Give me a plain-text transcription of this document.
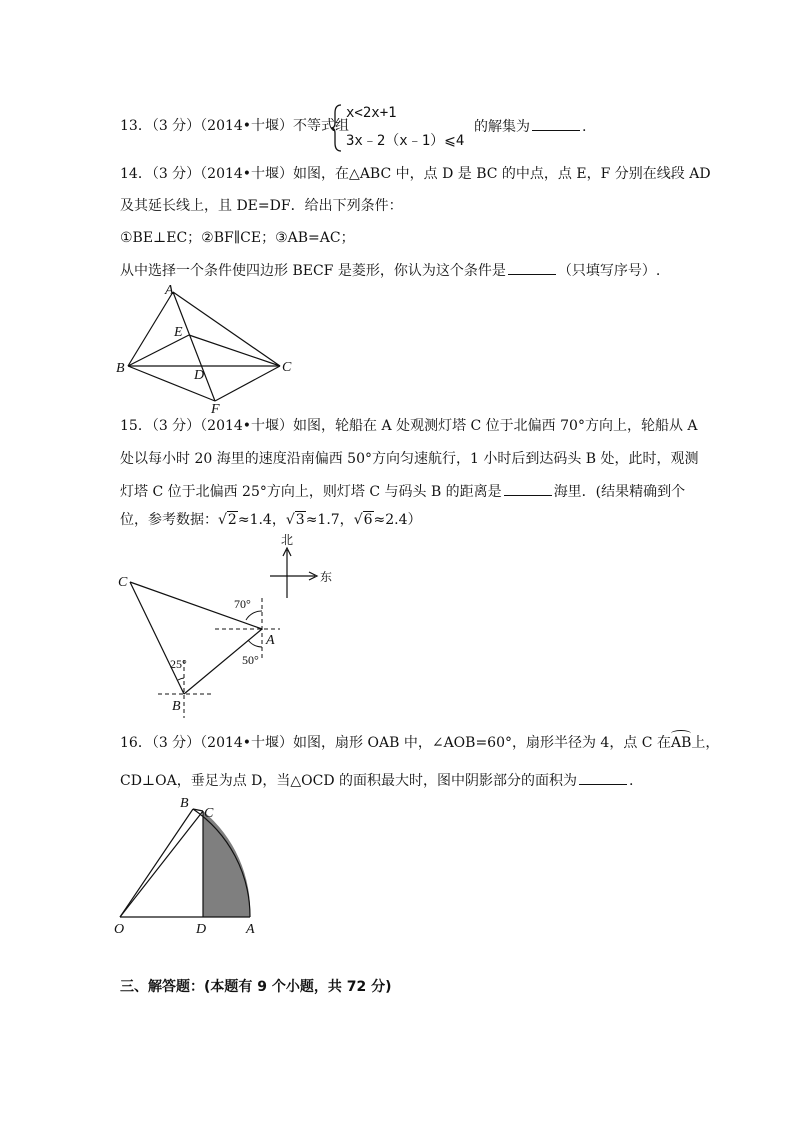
13．（3 分）（2014•十堰）不等式组
x<2x+1
3x﹣2（x﹣1）⩽4
的解集为	.
14．（3 分）（2014•十堰）如图，在△ABC 中，点 D 是 BC 的中点，点 E，F 分别在线段 AD
及其延长线上，且 DE=DF．给出下列条件：
①BE⊥EC；②BF∥CE；③AB=AC；
从中选择一个条件使四边形 BECF 是菱形，你认为这个条件是	（只填写序号）.
A
E
B	D
C
F
15．（3 分）（2014•十堰）如图，轮船在 A 处观测灯塔 C 位于北偏西 70°方向上，轮船从 A
处以每小时 20 海里的速度沿南偏西 50°方向匀速航行，1 小时后到达码头 B 处，此时，观测
灯塔 C 位于北偏西 25°方向上，则灯塔 C 与码头 B 的距离是	海里．(结果精确到个
位，参考数据：√2≈1.4，√3≈1.7，√6≈2.4）
北
东
C
A
B
70°
50°
25°
16．（3 分）（2014•十堰）如图，扇形 OAB 中，∠AOB=60°，扇形半径为 4，点 C 在AB上，
CD⊥OA，垂足为点 D，当△OCD 的面积最大时，图中阴影部分的面积为	.
B
C
O	D	A
三、解答题：(本题有 9 个小题，共 72 分)
